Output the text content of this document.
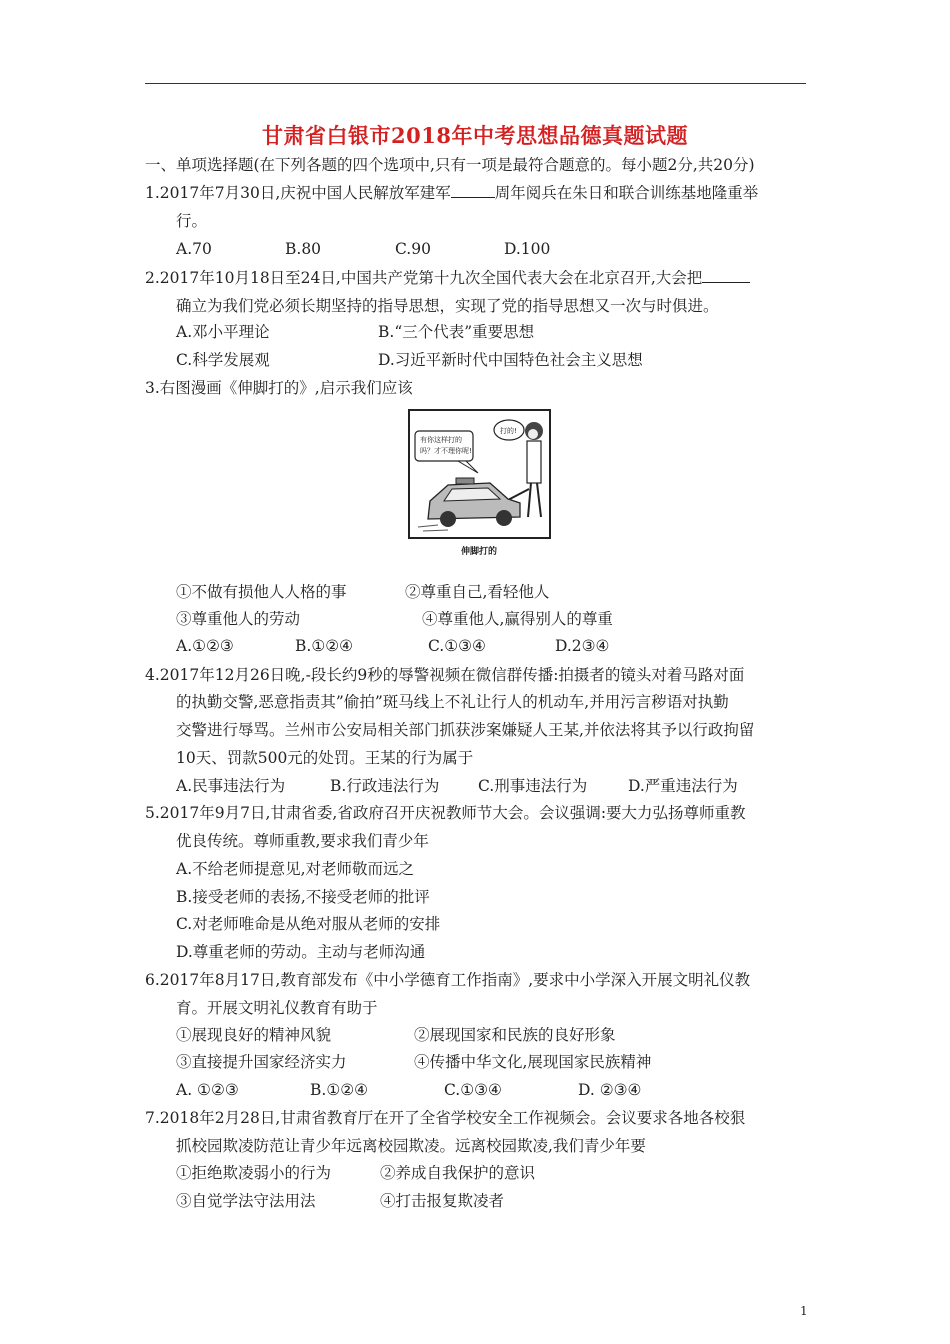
甘肃省白银市2018年中考思想品德真题试题
一、单项选择题(在下列各题的四个选项中,只有一项是最符合题意的。每小题2分,共20分)
1.2017年7月30日,庆祝中国人民解放军建军	周年阅兵在朱日和联合训练基地隆重举
行。
A.70	B.80	C.90	D.100
2.2017年10月18日至24日,中国共产党第十九次全国代表大会在北京召开,大会把
确立为我们党必须长期坚持的指导思想，实现了党的指导思想又一次与时俱进。
A.邓小平理论	B.“三个代表”重要思想
C.科学发展观	D.习近平新时代中国特色社会主义思想
3.右图漫画《伸脚打的》,启示我们应该
有你这样打的
吗？才不理你呢!
打的!
伸脚打的
①不做有损他人人格的事	②尊重自己,看轻他人
③尊重他人的劳动	④尊重他人,赢得别人的尊重
A.①②③	B.①②④	C.①③④	D.2③④
4.2017年12月26日晚,-段长约9秒的辱警视频在微信群传播:拍摄者的镜头对着马路对面
的执勤交警,恶意指责其”偷拍”斑马线上不礼让行人的机动车,并用污言秽语对执勤
交警进行辱骂。兰州市公安局相关部门抓获涉案嫌疑人王某,并依法将其予以行政拘留
10天、罚款500元的处罚。王某的行为属于
A.民事违法行为	B.行政违法行为 C.刑事违法行为	D.严重违法行为
5.2017年9月7日,甘肃省委,省政府召开庆祝教师节大会。会议强调:要大力弘扬尊师重教
优良传统。尊师重教,要求我们青少年
A.不给老师提意见,对老师敬而远之
B.接受老师的表扬,不接受老师的批评
C.对老师唯命是从绝对服从老师的安排
D.尊重老师的劳动。主动与老师沟通
6.2017年8月17日,教育部发布《中小学德育工作指南》,要求中小学深入开展文明礼仪教
育。开展文明礼仪教育有助于
①展现良好的精神风貌	②展现国家和民族的良好形象
③直接提升国家经济实力	④传播中华文化,展现国家民族精神
A. ①②③	B.①②④	C.①③④	D. ②③④
7.2018年2月28日,甘肃省教育厅在开了全省学校安全工作视频会。会议要求各地各校狠
抓校园欺凌防范让青少年远离校园欺凌。远离校园欺凌,我们青少年要
①拒绝欺凌弱小的行为	②养成自我保护的意识
③自觉学法守法用法	④打击报复欺凌者
1
